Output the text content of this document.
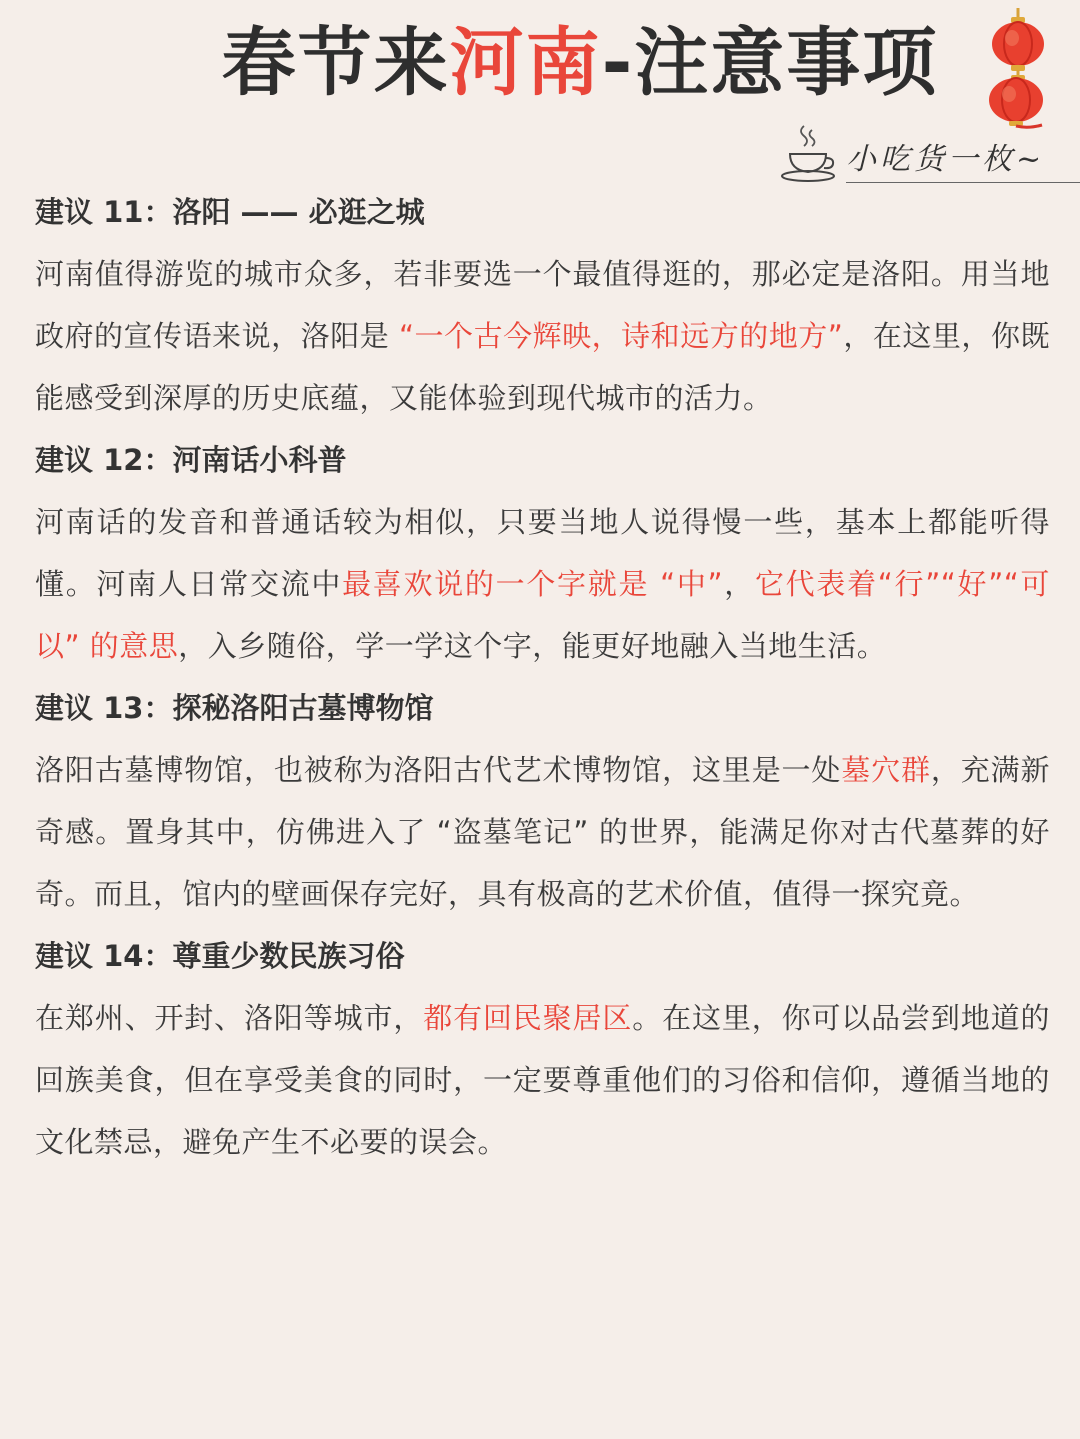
春节来河南-注意事项
小吃货一枚~
建议 11：洛阳 —— 必逛之城
河南值得游览的城市众多，若非要选一个最值得逛的，那必定是洛阳。用当地政府的宣传语来说，洛阳是 “一个古今辉映，诗和远方的地方”，在这里，你既能感受到深厚的历史底蕴，又能体验到现代城市的活力。
建议 12：河南话小科普
河南话的发音和普通话较为相似，只要当地人说得慢一些，基本上都能听得懂。河南人日常交流中最喜欢说的一个字就是 “中”，它代表着“行”“好”“可以” 的意思，入乡随俗，学一学这个字，能更好地融入当地生活。
建议 13：探秘洛阳古墓博物馆
洛阳古墓博物馆，也被称为洛阳古代艺术博物馆，这里是一处墓穴群，充满新奇感。置身其中，仿佛进入了 “盗墓笔记” 的世界，能满足你对古代墓葬的好奇。而且，馆内的壁画保存完好，具有极高的艺术价值，值得一探究竟。
建议 14：尊重少数民族习俗
在郑州、开封、洛阳等城市，都有回民聚居区。在这里，你可以品尝到地道的回族美食，但在享受美食的同时，一定要尊重他们的习俗和信仰，遵循当地的文化禁忌，避免产生不必要的误会。
